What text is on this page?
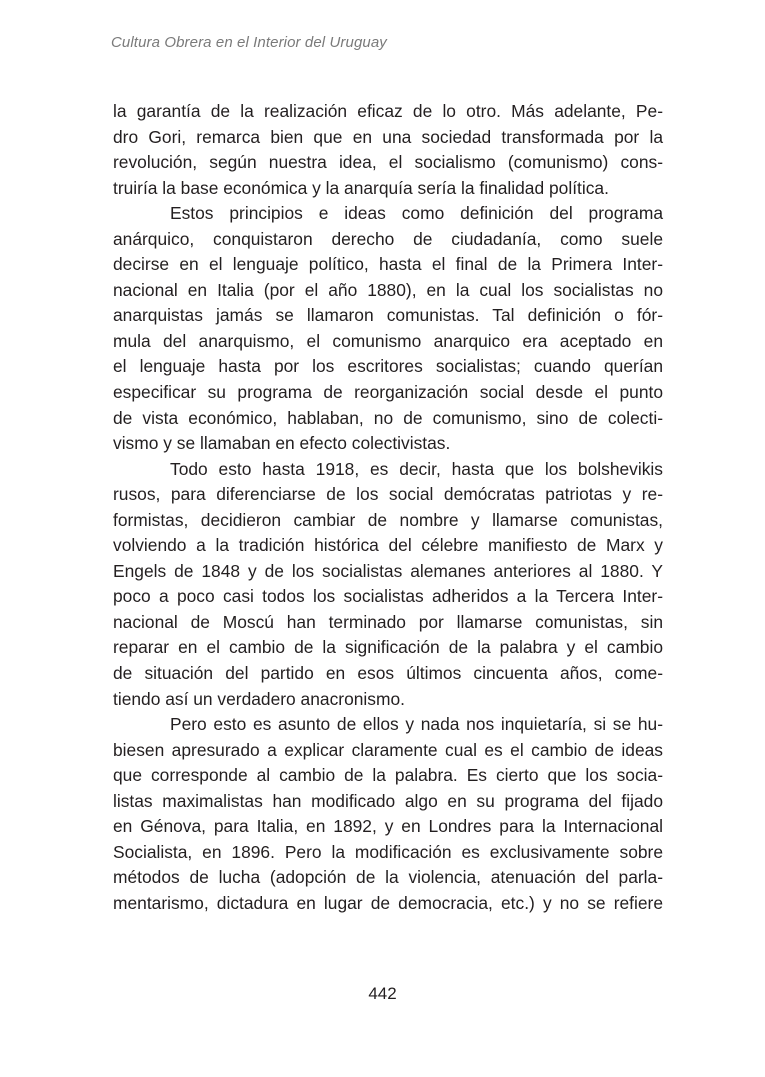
Cultura Obrera en el Interior del Uruguay
la garantía de la realización eficaz de lo otro. Más adelante, Pe-
dro Gori, remarca bien que en una sociedad transformada por la
revolución, según nuestra idea, el socialismo (comunismo) cons-
truiría la base económica y la anarquía sería la finalidad política.
Estos principios e ideas como definición del programa
anárquico, conquistaron derecho de ciudadanía, como suele
decirse en el lenguaje político, hasta el final de la Primera Inter-
nacional en Italia (por el año 1880), en la cual los socialistas no
anarquistas jamás se llamaron comunistas. Tal definición o fór-
mula del anarquismo, el comunismo anarquico era aceptado en
el lenguaje hasta por los escritores socialistas; cuando querían
especificar su programa de reorganización social desde el punto
de vista económico, hablaban, no de comunismo, sino de colecti-
vismo y se llamaban en efecto colectivistas.
Todo esto hasta 1918, es decir, hasta que los bolshevikis
rusos, para diferenciarse de los social demócratas patriotas y re-
formistas, decidieron cambiar de nombre y llamarse comunistas,
volviendo a la tradición histórica del célebre manifiesto de Marx y
Engels de 1848 y de los socialistas alemanes anteriores al 1880. Y
poco a poco casi todos los socialistas adheridos a la Tercera Inter-
nacional de Moscú han terminado por llamarse comunistas, sin
reparar en el cambio de la significación de la palabra y el cambio
de situación del partido en esos últimos cincuenta años, come-
tiendo así un verdadero anacronismo.
Pero esto es asunto de ellos y nada nos inquietaría, si se hu-
biesen apresurado a explicar claramente cual es el cambio de ideas
que corresponde al cambio de la palabra. Es cierto que los socia-
listas maximalistas han modificado algo en su programa del fijado
en Génova, para Italia, en 1892, y en Londres para la Internacional
Socialista, en 1896. Pero la modificación es exclusivamente sobre
métodos de lucha (adopción de la violencia, atenuación del parla-
mentarismo, dictadura en lugar de democracia, etc.) y no se refiere
442
